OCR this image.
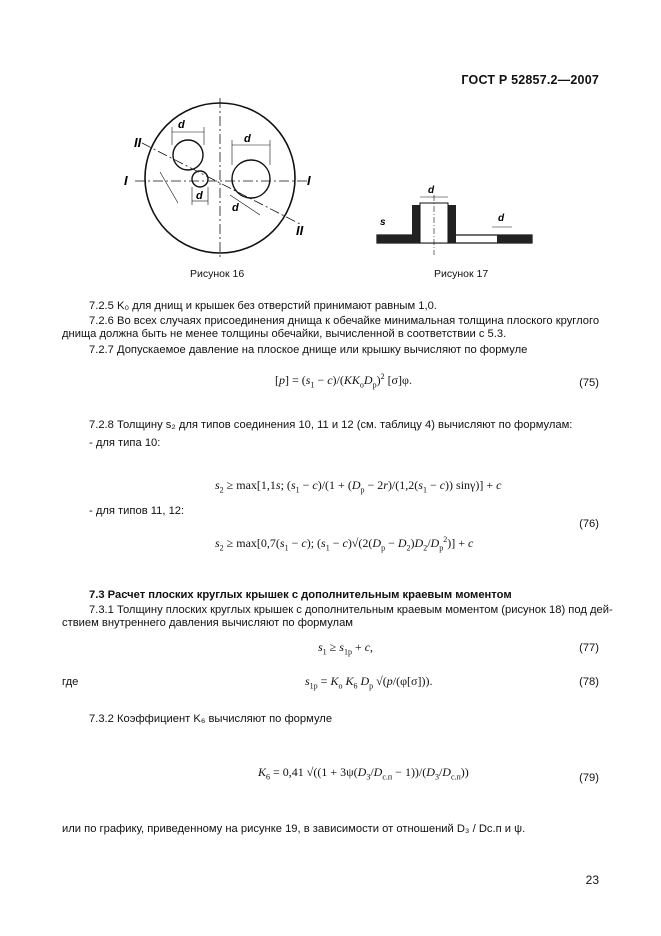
ГОСТ Р 52857.2—2007
d
d
d
d
I	I
II
II
Рисунок 16
d
d
s
Рисунок 17
7.2.5 K₀ для днищ и крышек без отверстий принимают равным 1,0.
7.2.6 Во всех случаях присоединения днища к обечайке минимальная толщина плоского круглого
днища должна быть не менее толщины обечайки, вычисленной в соответствии с 5.3.
7.2.7 Допускаемое давление на плоское днище или крышку вычисляют по формуле
$[p] = (s_1 - c)/(KK_oD_p)^2$ [σ]φ.	(75)
7.2.8 Толщину s₂ для типов соединения 10, 11 и 12 (см. таблицу 4) вычисляют по формулам:
- для типа 10:
$s_2 \ge \max[1,1s$; $(s_1 - c)/(1 + (D_p - 2r)/(1,2(s_1 - c)) \sin\gamma)] + c$
- для типов 11, 12:
(76)
$s_2 \ge \max[0,7(s_1 - c)$; $(s_1 - c)√(2(D_p - D_2)D_2/D_p^2)] + c$
7.3 Расчет плоских круглых крышек с дополнительным краевым моментом
7.3.1 Толщину плоских круглых крышек с дополнительным краевым моментом (рисунок 18) под дей-
ствием внутреннего давления вычисляют по формулам
$s_1 \ge s_{1p} + c$,	(77)
где	$s_{1p} = K_o$ $K_6$ $D_p$ √(p/(φ[σ])).	(78)
7.3.2 Коэффициент K₆ вычисляют по формуле
$K_6 = 0,41$ $√((1 + 3\psi(D_3/D_{с.п} - 1))/(D_3/D_{с.п}))$	(79)
или по графику, приведенному на рисунке 19, в зависимости от отношений D₃ / Dс.п и ψ.
23
